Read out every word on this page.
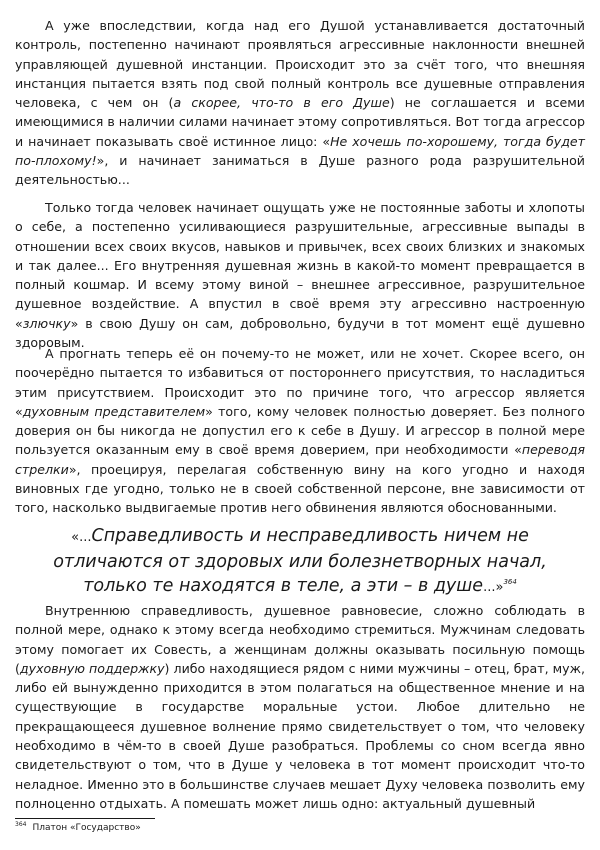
А уже впоследствии, когда над его Душой устанавливается достаточный контроль, постепенно начинают проявляться агрессивные наклонности внешней управляющей душевной инстанции. Происходит это за счёт того, что внешняя инстанция пытается взять под свой полный контроль все душевные отправления человека, с чем он (а скорее, что-то в его Душе) не соглашается и всеми имеющимися в наличии силами начинает этому сопротивляться. Вот тогда агрессор и начинает показывать своё истинное лицо: «Не хочешь по-хорошему, тогда будет по-плохому!», и начинает заниматься в Душе разного рода разрушительной деятельностью...

Только тогда человек начинает ощущать уже не постоянные заботы и хлопоты о себе, а постепенно усиливающиеся разрушительные, агрессивные выпады в отношении всех своих вкусов, навыков и привычек, всех своих близких и знакомых и так далее... Его внутренняя душевная жизнь в какой-то момент превращается в полный кошмар. И всему этому виной – внешнее агрессивное, разрушительное душевное воздействие. А впустил в своё время эту агрессивно настроенную «злючку» в свою Душу он сам, добровольно, будучи в тот момент ещё душевно здоровым.

А прогнать теперь её он почему-то не может, или не хочет. Скорее всего, он поочерёдно пытается то избавиться от постороннего присутствия, то насладиться этим присутствием. Происходит это по причине того, что агрессор является «духовным представителем» того, кому человек полностью доверяет. Без полного доверия он бы никогда не допустил его к себе в Душу. И агрессор в полной мере пользуется оказанным ему в своё время доверием, при необходимости «переводя стрелки», проецируя, перелагая собственную вину на кого угодно и находя виновных где угодно, только не в своей собственной персоне, вне зависимости от того, насколько выдвигаемые против него обвинения являются обоснованными.

«...Справедливость и несправедливость ничем не отличаются от здоровых или болезнетворных начал, только те находятся в теле, а эти – в душе...»$^{364}$

Внутреннюю справедливость, душевное равновесие, сложно соблюдать в полной мере, однако к этому всегда необходимо стремиться. Мужчинам следовать этому помогает их Совесть, а женщинам должны оказывать посильную помощь (духовную поддержку) либо находящиеся рядом с ними мужчины – отец, брат, муж, либо ей вынужденно приходится в этом полагаться на общественное мнение и на существующие в государстве моральные устои. Любое длительно не прекращающееся душевное волнение прямо свидетельствует о том, что человеку необходимо в чём-то в своей Душе разобраться. Проблемы со сном всегда явно свидетельствуют о том, что в Душе у человека в тот момент происходит что-то неладное. Именно это в большинстве случаев мешает Духу человека позволить ему полноценно отдыхать. А помешать может лишь одно: актуальный душевный

$^{364}$ Платон «Государство»
